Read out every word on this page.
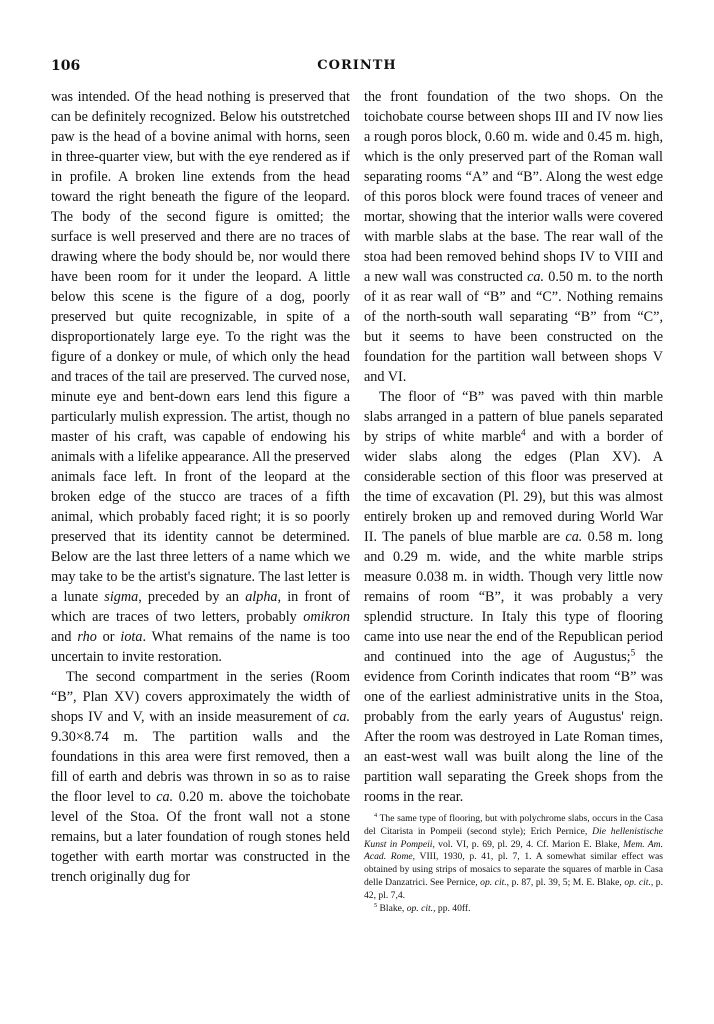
106	CORINTH

was intended. Of the head nothing is preserved that can be definitely recognized. Below his outstretched paw is the head of a bovine animal with horns, seen in three-quarter view, but with the eye rendered as if in profile. A broken line extends from the head toward the right beneath the figure of the leopard. The body of the second figure is omitted; the surface is well preserved and there are no traces of drawing where the body should be, nor would there have been room for it under the leopard. A little below this scene is the figure of a dog, poorly preserved but quite recognizable, in spite of a disproportionately large eye. To the right was the figure of a donkey or mule, of which only the head and traces of the tail are preserved. The curved nose, minute eye and bent-down ears lend this figure a particularly mulish expression. The artist, though no master of his craft, was capable of endowing his animals with a lifelike appearance. All the preserved animals face left. In front of the leopard at the broken edge of the stucco are traces of a fifth animal, which probably faced right; it is so poorly preserved that its identity cannot be determined. Below are the last three letters of a name which we may take to be the artist's signature. The last letter is a lunate sigma, preceded by an alpha, in front of which are traces of two letters, probably omikron and rho or iota. What remains of the name is too uncertain to invite restoration.

The second compartment in the series (Room “B”, Plan XV) covers approximately the width of shops IV and V, with an inside measurement of ca. 9.30×8.74 m. The partition walls and the foundations in this area were first removed, then a fill of earth and debris was thrown in so as to raise the floor level to ca. 0.20 m. above the toichobate level of the Stoa. Of the front wall not a stone remains, but a later foundation of rough stones held together with earth mortar was constructed in the trench originally dug for

the front foundation of the two shops. On the toichobate course between shops III and IV now lies a rough poros block, 0.60 m. wide and 0.45 m. high, which is the only preserved part of the Roman wall separating rooms “A” and “B”. Along the west edge of this poros block were found traces of veneer and mortar, showing that the interior walls were covered with marble slabs at the base. The rear wall of the stoa had been removed behind shops IV to VIII and a new wall was constructed ca. 0.50 m. to the north of it as rear wall of “B” and “C”. Nothing remains of the north-south wall separating “B” from “C”, but it seems to have been constructed on the foundation for the partition wall between shops V and VI.

The floor of “B” was paved with thin marble slabs arranged in a pattern of blue panels separated by strips of white marble$^4$ and with a border of wider slabs along the edges (Plan XV). A considerable section of this floor was preserved at the time of excavation (Pl. 29), but this was almost entirely broken up and removed during World War II. The panels of blue marble are ca. 0.58 m. long and 0.29 m. wide, and the white marble strips measure 0.038 m. in width. Though very little now remains of room “B”, it was probably a very splendid structure. In Italy this type of flooring came into use near the end of the Republican period and continued into the age of Augustus;$^5$ the evidence from Corinth indicates that room “B” was one of the earliest administrative units in the Stoa, probably from the early years of Augustus' reign. After the room was destroyed in Late Roman times, an east-west wall was built along the line of the partition wall separating the Greek shops from the rooms in the rear.

$^4$ The same type of flooring, but with polychrome slabs, occurs in the Casa del Citarista in Pompeii (second style); Erich Pernice, Die hellenistische Kunst in Pompeii, vol. VI, p. 69, pl. 29, 4. Cf. Marion E. Blake, Mem. Am. Acad. Rome, VIII, 1930, p. 41, pl. 7, 1. A somewhat similar effect was obtained by using strips of mosaics to separate the squares of marble in Casa delle Danzatrici. See Pernice, op. cit., p. 87, pl. 39, 5; M. E. Blake, op. cit., p. 42, pl. 7,4.

$^5$ Blake, op. cit., pp. 40ff.
